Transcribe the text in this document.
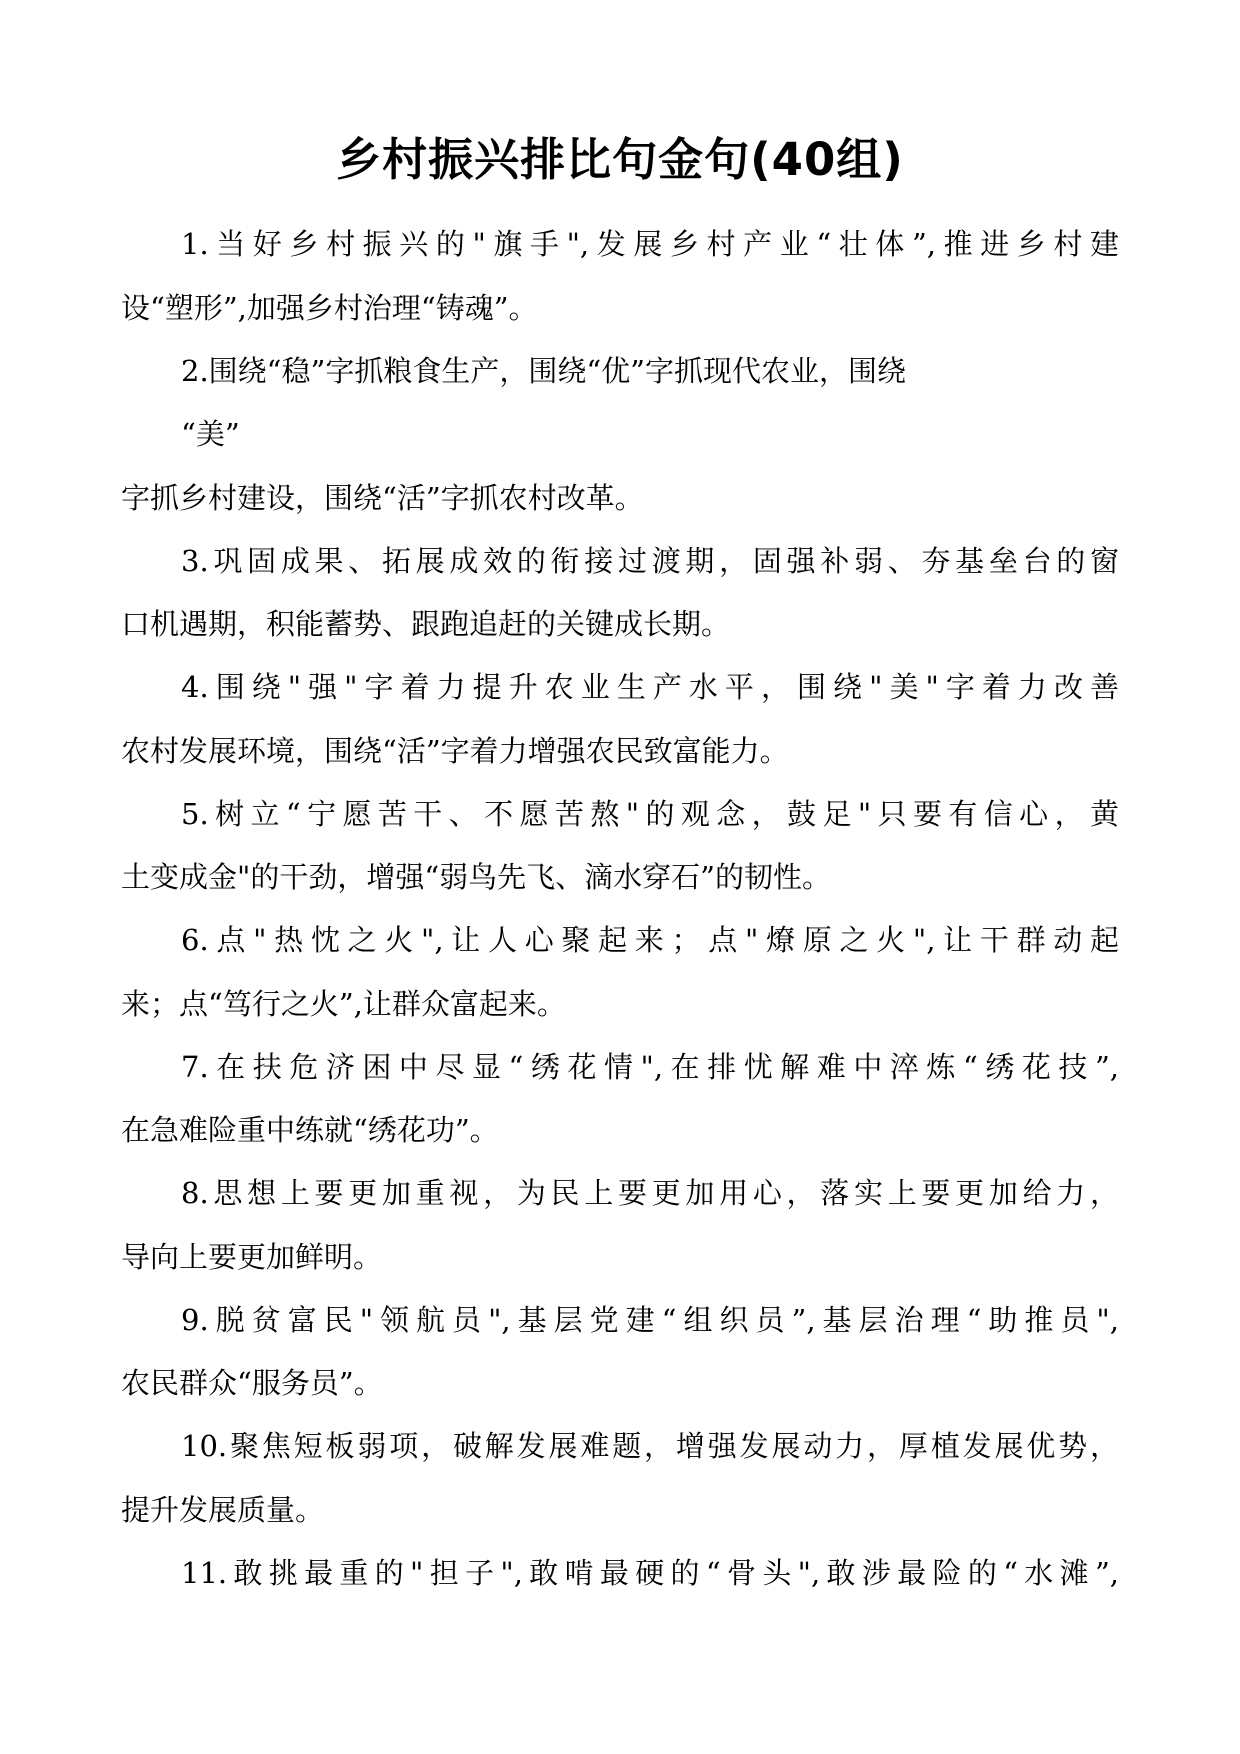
乡村振兴排比句金句(40组)
1.当好乡村振兴的"旗手",发展乡村产业“壮体”,推进乡村建
设“塑形”,加强乡村治理“铸魂”。
2.围绕“稳”字抓粮食生产，围绕“优”字抓现代农业，围绕
“美”
字抓乡村建设，围绕“活”字抓农村改革。
3.巩固成果、拓展成效的衔接过渡期，固强补弱、夯基垒台的窗
口机遇期，积能蓄势、跟跑追赶的关键成长期。
4.围绕"强"字着力提升农业生产水平，围绕"美"字着力改善
农村发展环境，围绕“活”字着力增强农民致富能力。
5.树立“宁愿苦干、不愿苦熬"的观念，鼓足"只要有信心，黄
土变成金"的干劲，增强“弱鸟先飞、滴水穿石”的韧性。
6.点"热忱之火",让人心聚起来；点"燎原之火",让干群动起
来；点“笃行之火”,让群众富起来。
7.在扶危济困中尽显“绣花情",在排忧解难中淬炼“绣花技”,
在急难险重中练就“绣花功”。
8.思想上要更加重视，为民上要更加用心，落实上要更加给力，
导向上要更加鲜明。
9.脱贫富民"领航员",基层党建“组织员”,基层治理“助推员",
农民群众“服务员”。
10.聚焦短板弱项，破解发展难题，增强发展动力，厚植发展优势，
提升发展质量。
11.敢挑最重的"担子",敢啃最硬的“骨头",敢涉最险的“水滩”,
